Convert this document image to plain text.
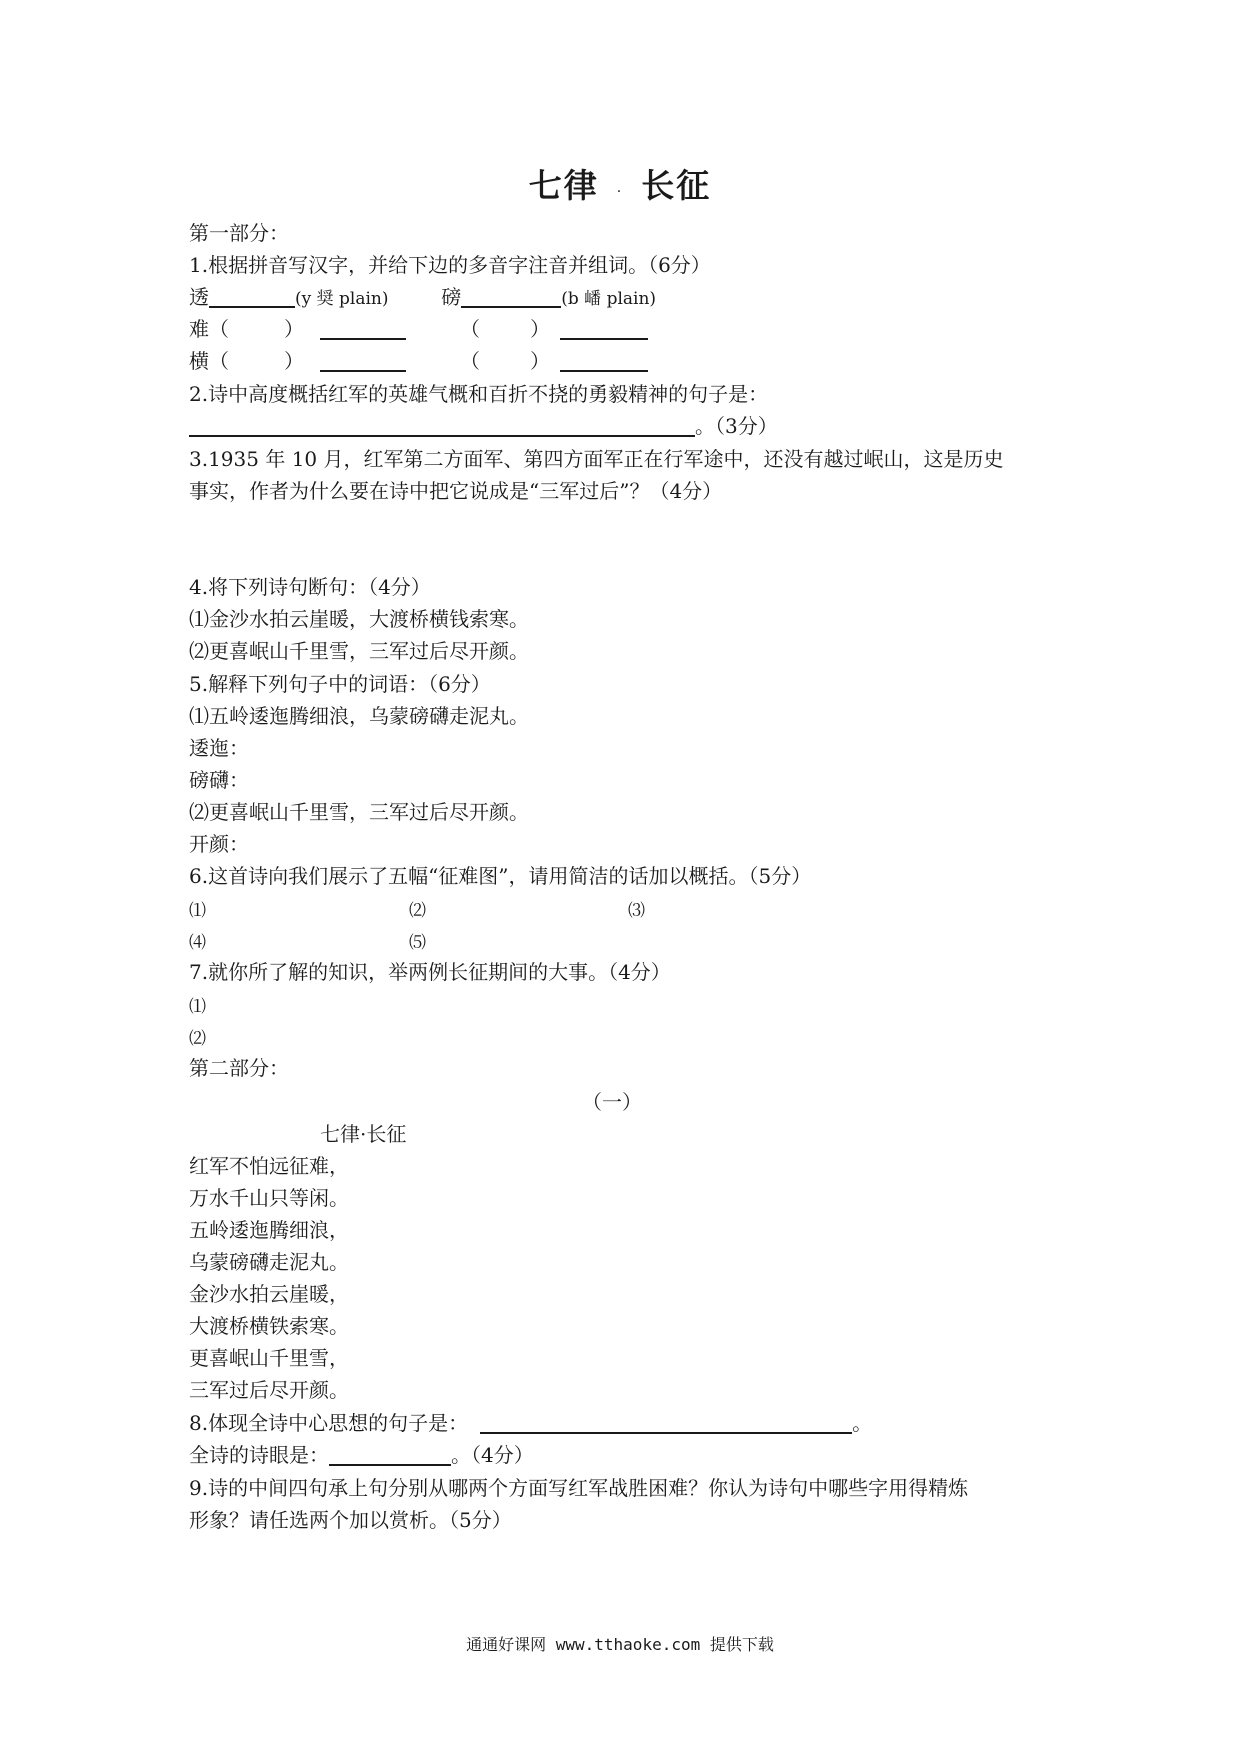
七律 . 长征
第一部分：
1.根据拼音写汉字，并给下边的多音字注音并组词。（6分）
透	(y 奨 plain)	磅	(b 嶓 plain)
难（	）	（	）
横（	）	（	）
2.诗中高度概括红军的英雄气概和百折不挠的勇毅精神的句子是：
。（3分）
3.1935 年 10 月，红军第二方面军、第四方面军正在行军途中，还没有越过岷山，这是历史
事实，作者为什么要在诗中把它说成是“三军过后”？（4分）
4.将下列诗句断句：（4分）
⑴金沙水拍云崖暖，大渡桥横钱索寒。
⑵更喜岷山千里雪，三军过后尽开颜。
5.解释下列句子中的词语：（6分）
⑴五岭逶迤腾细浪，乌蒙磅礴走泥丸。
逶迤：
磅礴：
⑵更喜岷山千里雪，三军过后尽开颜。
开颜：
6.这首诗向我们展示了五幅“征难图”，请用简洁的话加以概括。（5分）
⑴	⑵	⑶
⑷	⑸
7.就你所了解的知识，举两例长征期间的大事。（4分）
⑴
⑵
第二部分：
（一）
七律·长征
红军不怕远征难，
万水千山只等闲。
五岭逶迤腾细浪，
乌蒙磅礴走泥丸。
金沙水拍云崖暖，
大渡桥横铁索寒。
更喜岷山千里雪，
三军过后尽开颜。
8.体现全诗中心思想的句子是：	。
全诗的诗眼是：	。（4分）
9.诗的中间四句承上句分别从哪两个方面写红军战胜困难？你认为诗句中哪些字用得精炼
形象？请任选两个加以赏析。（5分）
通通好课网 www.tthaoke.com 提供下载
